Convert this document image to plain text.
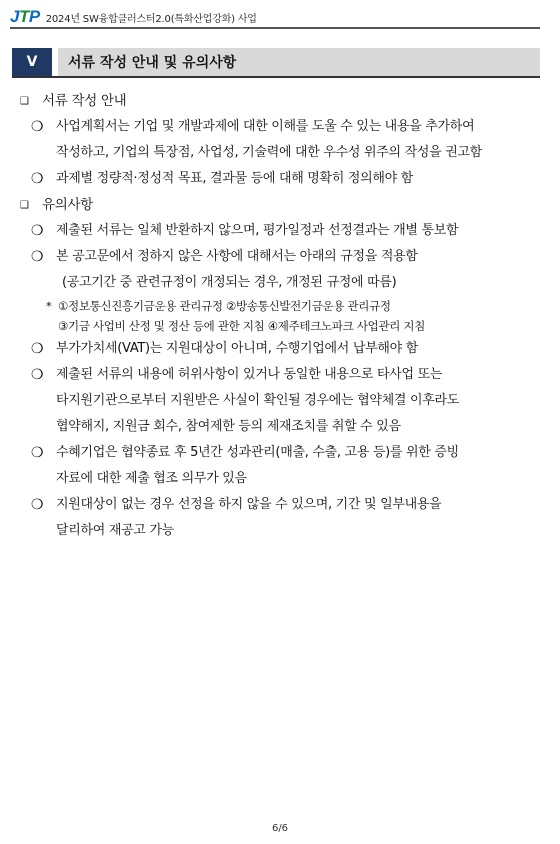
JTP 2024년 SW융합클러스터2.0(특화산업강화) 사업
V	서류 작성 안내 및 유의사항
❑ 서류 작성 안내
❍ 사업계획서는 기업 및 개발과제에 대한 이해를 도울 수 있는 내용을 추가하여
작성하고, 기업의 특장점, 사업성, 기술력에 대한 우수성 위주의 작성을 권고함
❍ 과제별 정량적·정성적 목표, 결과물 등에 대해 명확히 정의해야 함
❑ 유의사항
❍ 제출된 서류는 일체 반환하지 않으며, 평가일정과 선정결과는 개별 통보함
❍ 본 공고문에서 정하지 않은 사항에 대해서는 아래의 규정을 적용함
(공고기간 중 관련규정이 개정되는 경우, 개정된 규정에 따름)
* ①정보통신진흥기금운용 관리규정 ②방송통신발전기금운용 관리규정
③기금 사업비 산정 및 정산 등에 관한 지침 ④제주테크노파크 사업관리 지침
❍ 부가가치세(VAT)는 지원대상이 아니며, 수행기업에서 납부해야 함
❍ 제출된 서류의 내용에 허위사항이 있거나 동일한 내용으로 타사업 또는
타지원기관으로부터 지원받은 사실이 확인될 경우에는 협약체결 이후라도
협약해지, 지원금 회수, 참여제한 등의 제재조치를 취할 수 있음
❍ 수혜기업은 협약종료 후 5년간 성과관리(매출, 수출, 고용 등)를 위한 증빙
자료에 대한 제출 협조 의무가 있음
❍ 지원대상이 없는 경우 선정을 하지 않을 수 있으며, 기간 및 일부내용을
달리하여 재공고 가능
6/6
